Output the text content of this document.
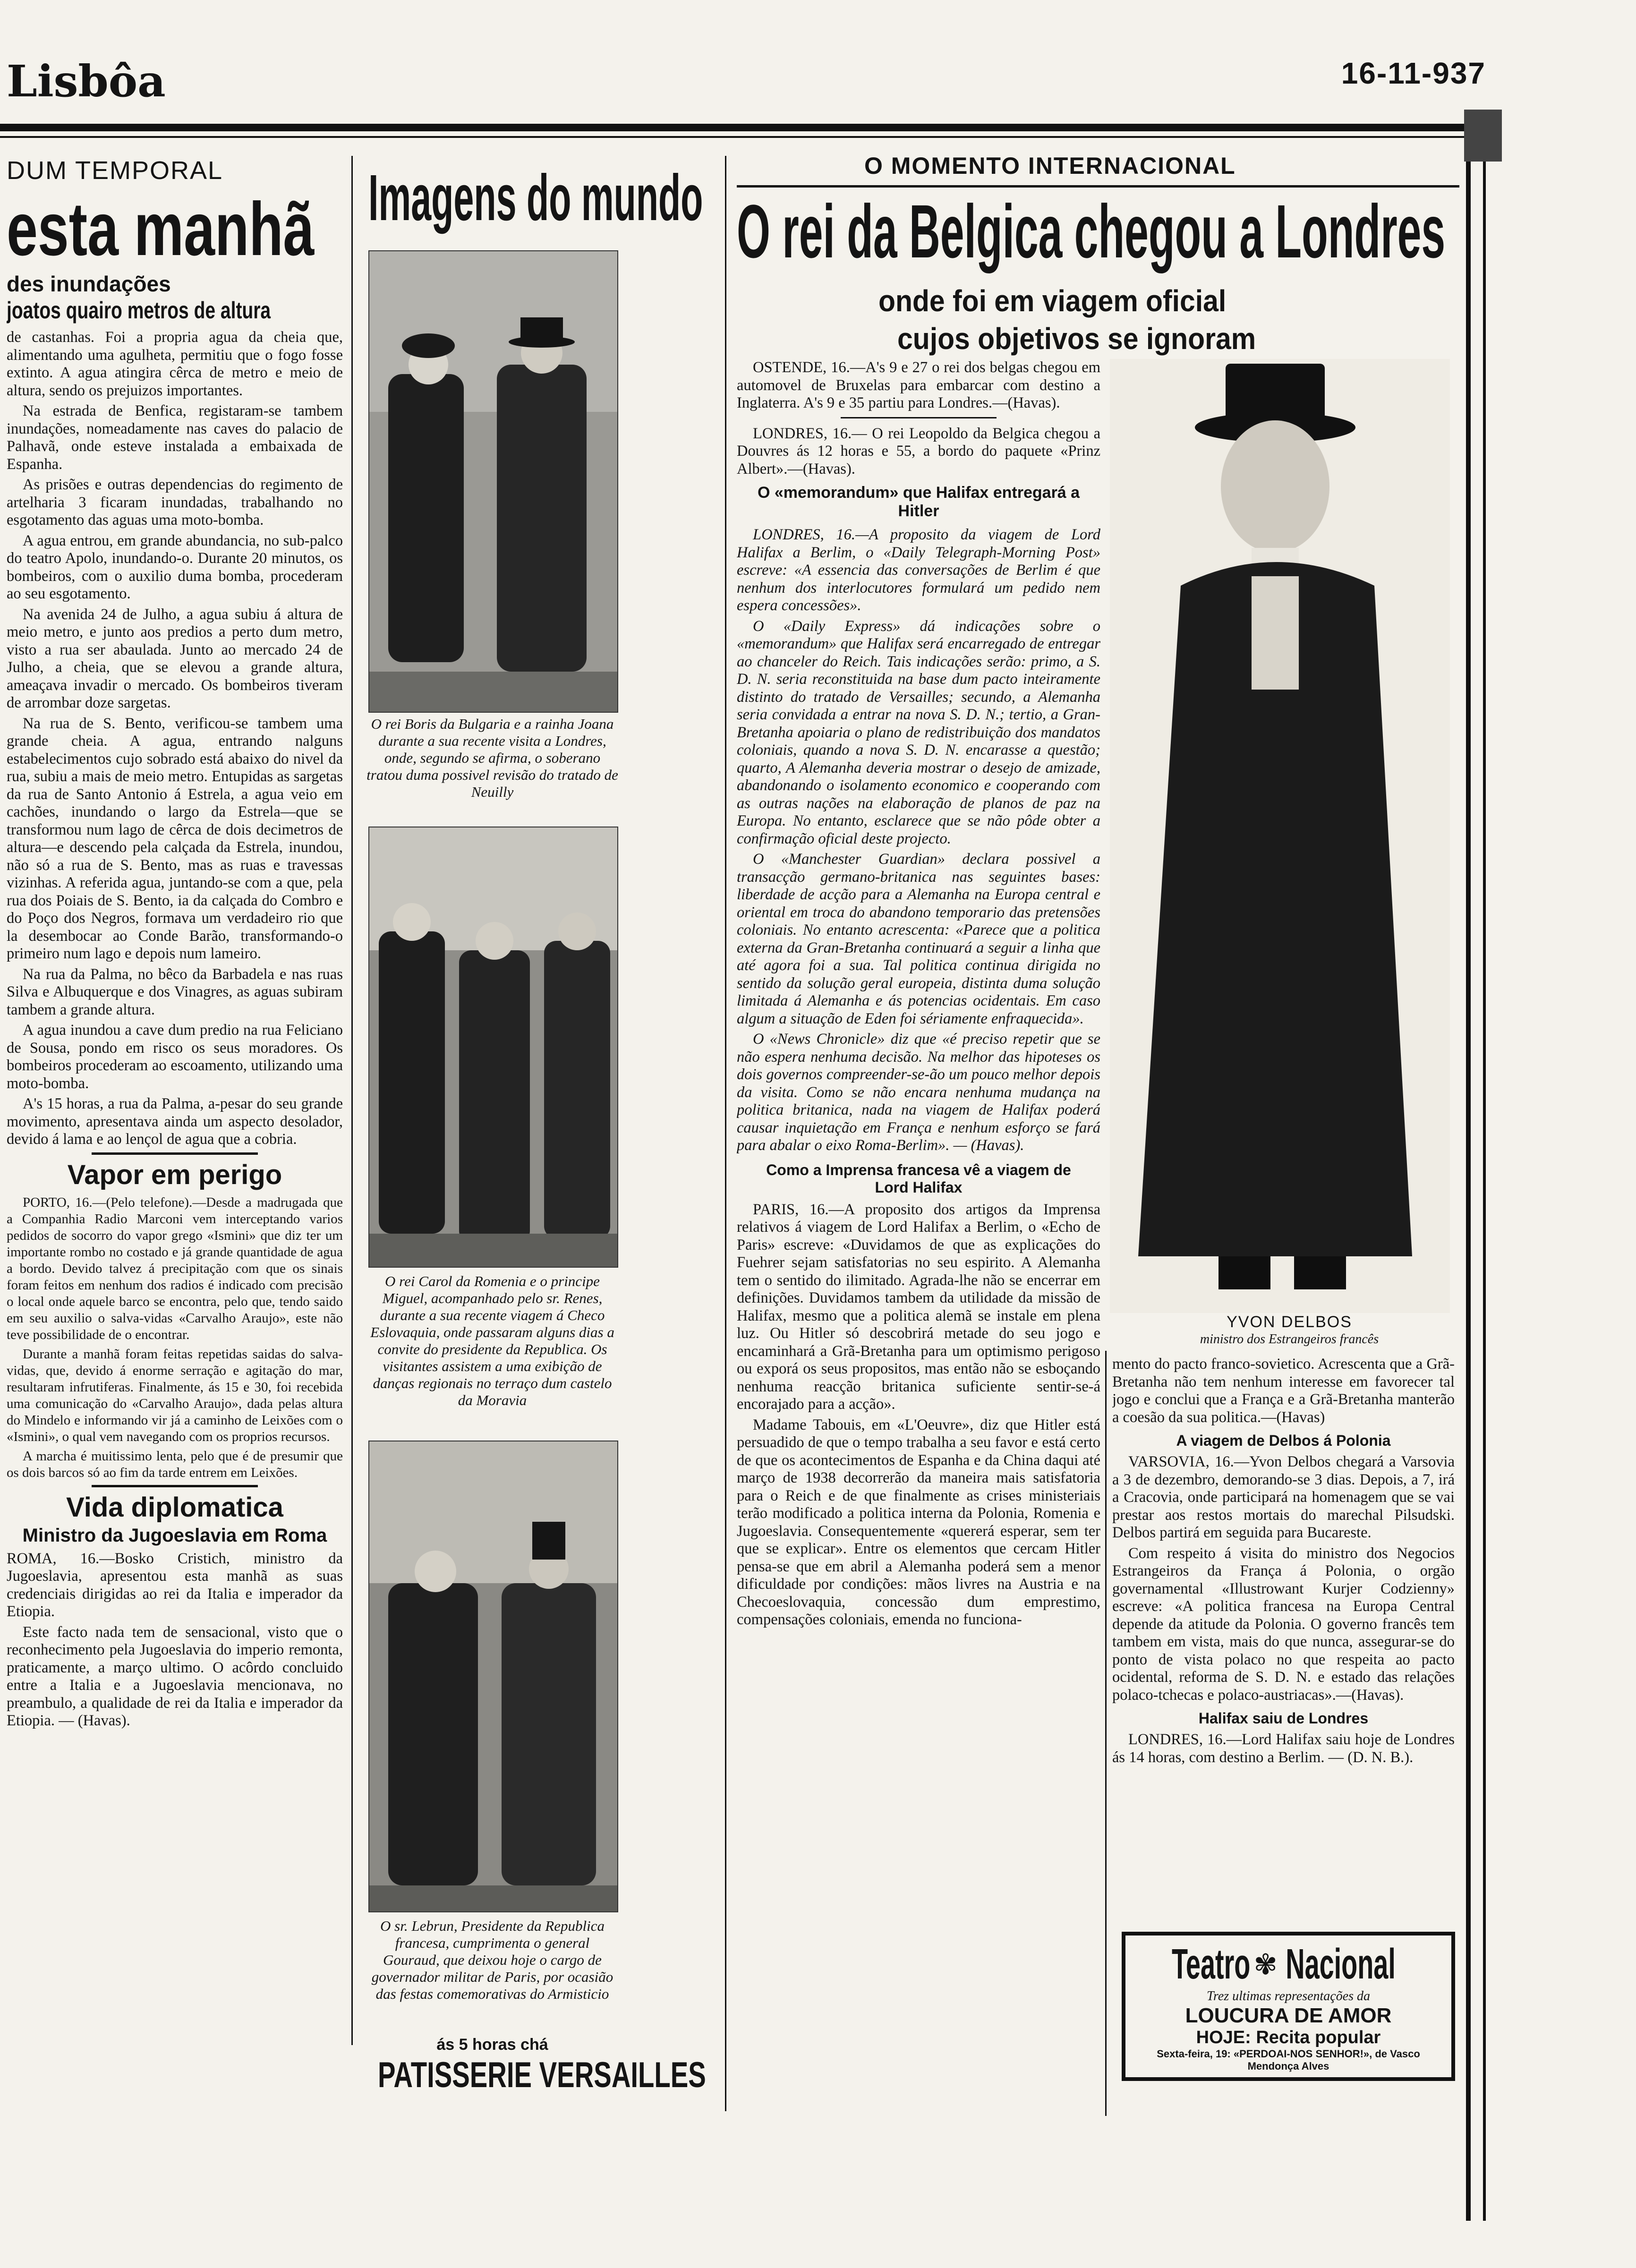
Lisbôa	16-11-937
DUM TEMPORAL
esta manhã
des inundações
joatos quairo metros de altura

de castanhas. Foi a propria agua da cheia que, alimentando uma agulheta, permitiu que o fogo fosse extinto. A agua atingira cêrca de metro e meio de altura, sendo os prejuizos importantes.

Na estrada de Benfica, registaram-se tambem inundações, nomeadamente nas caves do palacio de Palhavã, onde esteve instalada a embaixada de Espanha.

As prisões e outras dependencias do regimento de artelharia 3 ficaram inundadas, trabalhando no esgotamento das aguas uma moto-bomba.

A agua entrou, em grande abundancia, no sub-palco do teatro Apolo, inundando-o. Durante 20 minutos, os bombeiros, com o auxilio duma bomba, procederam ao seu esgotamento.

Na avenida 24 de Julho, a agua subiu á altura de meio metro, e junto aos predios a perto dum metro, visto a rua ser abaulada. Junto ao mercado 24 de Julho, a cheia, que se elevou a grande altura, ameaçava invadir o mercado. Os bombeiros tiveram de arrombar doze sargetas.

Na rua de S. Bento, verificou-se tambem uma grande cheia. A agua, entrando nalguns estabelecimentos cujo sobrado está abaixo do nivel da rua, subiu a mais de meio metro. Entupidas as sargetas da rua de Santo Antonio á Estrela, a agua veio em cachões, inundando o largo da Estrela—que se transformou num lago de cêrca de dois decimetros de altura—e descendo pela calçada da Estrela, inundou, não só a rua de S. Bento, mas as ruas e travessas vizinhas. A referida agua, juntando-se com a que, pela rua dos Poiais de S. Bento, ia da calçada do Combro e do Poço dos Negros, formava um verdadeiro rio que la desembocar ao Conde Barão, transformando-o primeiro num lago e depois num lameiro.

Na rua da Palma, no bêco da Barbadela e nas ruas Silva e Albuquerque e dos Vinagres, as aguas subiram tambem a grande altura.

A agua inundou a cave dum predio na rua Feliciano de Sousa, pondo em risco os seus moradores. Os bombeiros procederam ao escoamento, utilizando uma moto-bomba.

A's 15 horas, a rua da Palma, a-pesar do seu grande movimento, apresentava ainda um aspecto desolador, devido á lama e ao lençol de agua que a cobria.

Vapor em perigo

PORTO, 16.—(Pelo telefone).—Desde a madrugada que a Companhia Radio Marconi vem interceptando varios pedidos de socorro do vapor grego «Ismini» que diz ter um importante rombo no costado e já grande quantidade de agua a bordo. Devido talvez á precipitação com que os sinais foram feitos em nenhum dos radios é indicado com precisão o local onde aquele barco se encontra, pelo que, tendo saido em seu auxilio o salva-vidas «Carvalho Araujo», este não teve possibilidade de o encontrar.

Durante a manhã foram feitas repetidas saidas do salva-vidas, que, devido á enorme serração e agitação do mar, resultaram infrutiferas. Finalmente, ás 15 e 30, foi recebida uma comunicação do «Carvalho Araujo», dada pelas altura do Mindelo e informando vir já a caminho de Leixões com o «Ismini», o qual vem navegando com os proprios recursos.

A marcha é muitissimo lenta, pelo que é de presumir que os dois barcos só ao fim da tarde entrem em Leixões.

Vida diplomatica
Ministro da Jugoeslavia em Roma

ROMA, 16.—Bosko Cristich, ministro da Jugoeslavia, apresentou esta manhã as suas credenciais dirigidas ao rei da Italia e imperador da Etiopia.

Este facto nada tem de sensacional, visto que o reconhecimento pela Jugoeslavia do imperio remonta, praticamente, a março ultimo. O acôrdo concluido entre a Italia e a Jugoeslavia mencionava, no preambulo, a qualidade de rei da Italia e imperador da Etiopia. — (Havas).

Imagens do mundo
O rei Boris da Bulgaria e a rainha Joana durante a sua recente visita a Londres, onde, segundo se afirma, o soberano tratou duma possivel revisão do tratado de Neuilly
O rei Carol da Romenia e o principe Miguel, acompanhado pelo sr. Renes, durante a sua recente viagem á Checo Eslovaquia, onde passaram alguns dias a convite do presidente da Republica. Os visitantes assistem a uma exibição de danças regionais no terraço dum castelo da Moravia
O sr. Lebrun, Presidente da Republica francesa, cumprimenta o general Gouraud, que deixou hoje o cargo de governador militar de Paris, por ocasião das festas comemorativas do Armisticio
ás 5 horas chá
PATISSERIE VERSAILLES
O MOMENTO INTERNACIONAL
O rei da Belgica chegou a Londres
onde foi em viagem oficial
cujos objetivos se ignoram

OSTENDE, 16.—A's 9 e 27 o rei dos belgas chegou em automovel de Bruxelas para embarcar com destino a Inglaterra. A's 9 e 35 partiu para Londres.—(Havas).

LONDRES, 16.— O rei Leopoldo da Belgica chegou a Douvres ás 12 horas e 55, a bordo do paquete «Prinz Albert».—(Havas).

O «memorandum» que Halifax entregará a Hitler

LONDRES, 16.—A proposito da viagem de Lord Halifax a Berlim, o «Daily Telegraph-Morning Post» escreve: «A essencia das conversações de Berlim é que nenhum dos interlocutores formulará um pedido nem espera concessões».

O «Daily Express» dá indicações sobre o «memorandum» que Halifax será encarregado de entregar ao chanceler do Reich. Tais indicações serão: primo, a S. D. N. seria reconstituida na base dum pacto inteiramente distinto do tratado de Versailles; secundo, a Alemanha seria convidada a entrar na nova S. D. N.; tertio, a Gran-Bretanha apoiaria o plano de redistribuição dos mandatos coloniais, quando a nova S. D. N. encarasse a questão; quarto, A Alemanha deveria mostrar o desejo de amizade, abandonando o isolamento economico e cooperando com as outras nações na elaboração de planos de paz na Europa. No entanto, esclarece que se não pôde obter a confirmação oficial deste projecto.

O «Manchester Guardian» declara possivel a transacção germano-britanica nas seguintes bases: liberdade de acção para a Alemanha na Europa central e oriental em troca do abandono temporario das pretensões coloniais. No entanto acrescenta: «Parece que a politica externa da Gran-Bretanha continuará a seguir a linha que até agora foi a sua. Tal politica continua dirigida no sentido da solução geral europeia, distinta duma solução limitada á Alemanha e ás potencias ocidentais. Em caso algum a situação de Eden foi sériamente enfraquecida».

O «News Chronicle» diz que «é preciso repetir que se não espera nenhuma decisão. Na melhor das hipoteses os dois governos compreender-se-ão um pouco melhor depois da visita. Como se não encara nenhuma mudança na politica britanica, nada na viagem de Halifax poderá causar inquietação em França e nenhum esforço se fará para abalar o eixo Roma-Berlim». — (Havas).

Como a Imprensa francesa vê a viagem de Lord Halifax

PARIS, 16.—A proposito dos artigos da Imprensa relativos á viagem de Lord Halifax a Berlim, o «Echo de Paris» escreve: «Duvidamos de que as explicações do Fuehrer sejam satisfatorias no seu espirito. A Alemanha tem o sentido do ilimitado. Agrada-lhe não se encerrar em definições. Duvidamos tambem da utilidade da missão de Halifax, mesmo que a politica alemã se instale em plena luz. Ou Hitler só descobrirá metade do seu jogo e encaminhará a Grã-Bretanha para um optimismo perigoso ou exporá os seus propositos, mas então não se esboçando nenhuma reacção britanica suficiente sentir-se-á encorajado para a acção».

Madame Tabouis, em «L'Oeuvre», diz que Hitler está persuadido de que o tempo trabalha a seu favor e está certo de que os acontecimentos de Espanha e da China daqui até março de 1938 decorrerão da maneira mais satisfatoria para o Reich e de que finalmente as crises ministeriais terão modificado a politica interna da Polonia, Romenia e Jugoeslavia. Consequentemente «quererá esperar, sem ter que se explicar». Entre os elementos que cercam Hitler pensa-se que em abril a Alemanha poderá sem a menor dificuldade por condições: mãos livres na Austria e na Checoeslovaquia, concessão dum emprestimo, compensações coloniais, emenda no funciona-

YVON DELBOS
ministro dos Estrangeiros francês

mento do pacto franco-sovietico. Acrescenta que a Grã-Bretanha não tem nenhum interesse em favorecer tal jogo e conclui que a França e a Grã-Bretanha manterão a coesão da sua politica.—(Havas)

A viagem de Delbos á Polonia

VARSOVIA, 16.—Yvon Delbos chegará a Varsovia a 3 de dezembro, demorando-se 3 dias. Depois, a 7, irá a Cracovia, onde participará na homenagem que se vai prestar aos restos mortais do marechal Pilsudski. Delbos partirá em seguida para Bucareste.

Com respeito á visita do ministro dos Negocios Estrangeiros da França á Polonia, o orgão governamental «Illustrowant Kurjer Codzienny» escreve: «A politica francesa na Europa Central depende da atitude da Polonia. O governo francês tem tambem em vista, mais do que nunca, assegurar-se do ponto de vista polaco no que respeita ao pacto ocidental, reforma de S. D. N. e estado das relações polaco-tchecas e polaco-austriacas».—(Havas).

Halifax saiu de Londres

LONDRES, 16.—Lord Halifax saiu hoje de Londres ás 14 horas, com destino a Berlim. — (D. N. B.).

Teatro ✾ Nacional
Trez ultimas representações da
LOUCURA DE AMOR
HOJE: Recita popular
Sexta-feira, 19: «PERDOAI-NOS SENHOR!», de Vasco Mendonça Alves
